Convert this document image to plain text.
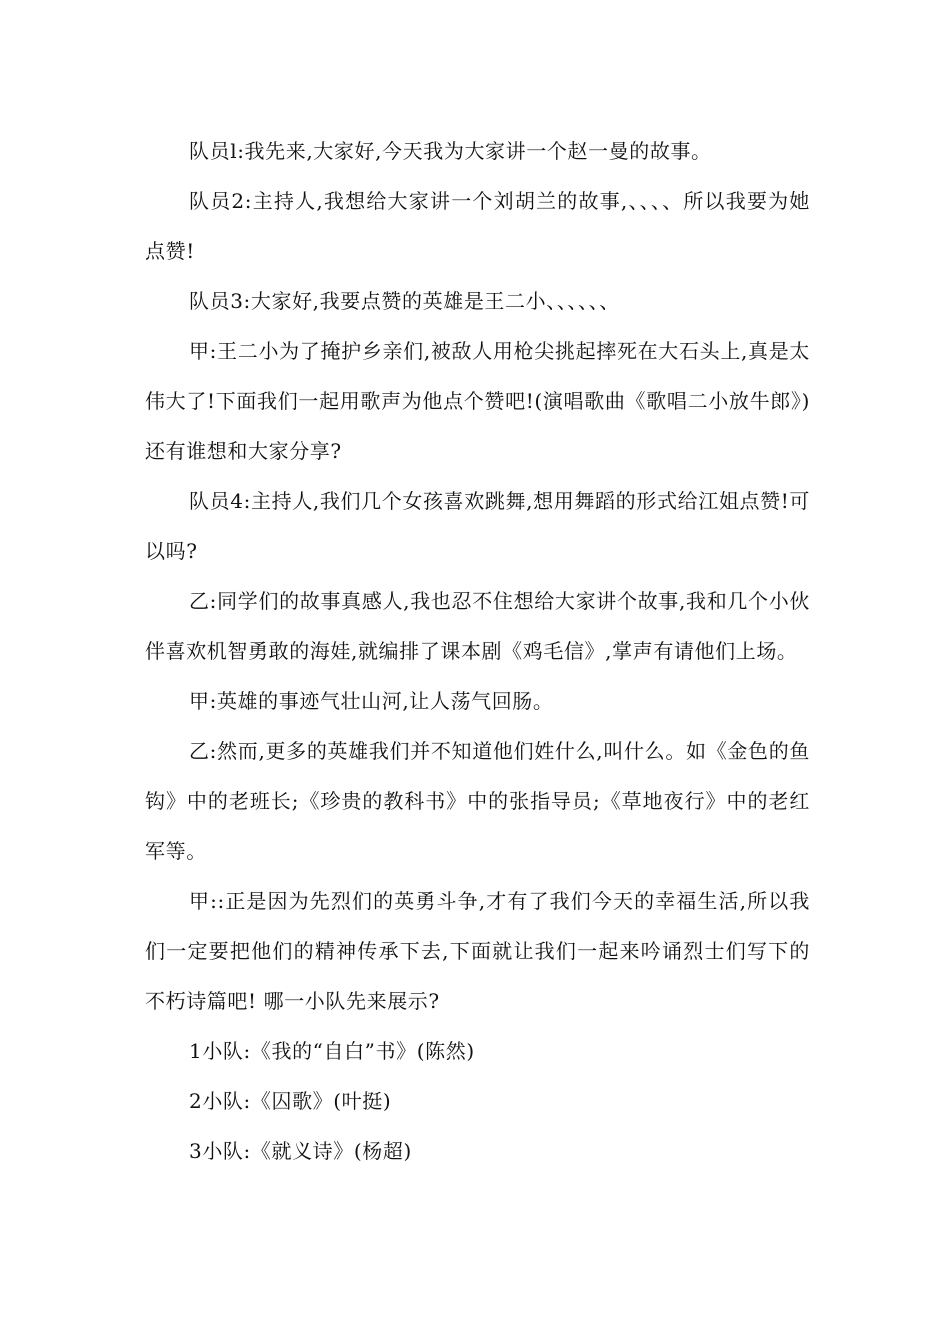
队员l:我先来,大家好,今天我为大家讲一个赵一曼的故事。

队员2:主持人,我想给大家讲一个刘胡兰的故事,、、、、所以我要为她点赞!

队员3:大家好,我要点赞的英雄是王二小、、、、、、

甲:王二小为了掩护乡亲们,被敌人用枪尖挑起摔死在大石头上,真是太伟大了!下面我们一起用歌声为他点个赞吧!(演唱歌曲《歌唱二小放牛郎》)还有谁想和大家分享?

队员4:主持人,我们几个女孩喜欢跳舞,想用舞蹈的形式给江姐点赞!可以吗?

乙:同学们的故事真感人,我也忍不住想给大家讲个故事,我和几个小伙伴喜欢机智勇敢的海娃,就编排了课本剧《鸡毛信》,掌声有请他们上场。

甲:英雄的事迹气壮山河,让人荡气回肠。

乙:然而,更多的英雄我们并不知道他们姓什么,叫什么。如《金色的鱼钩》中的老班长;《珍贵的教科书》中的张指导员;《草地夜行》中的老红军等。

甲::正是因为先烈们的英勇斗争,才有了我们今天的幸福生活,所以我们一定要把他们的精神传承下去,下面就让我们一起来吟诵烈士们写下的不朽诗篇吧! 哪一小队先来展示?

1小队:《我的“自白”书》(陈然)

2小队:《囚歌》(叶挺)

3小队:《就义诗》(杨超)
